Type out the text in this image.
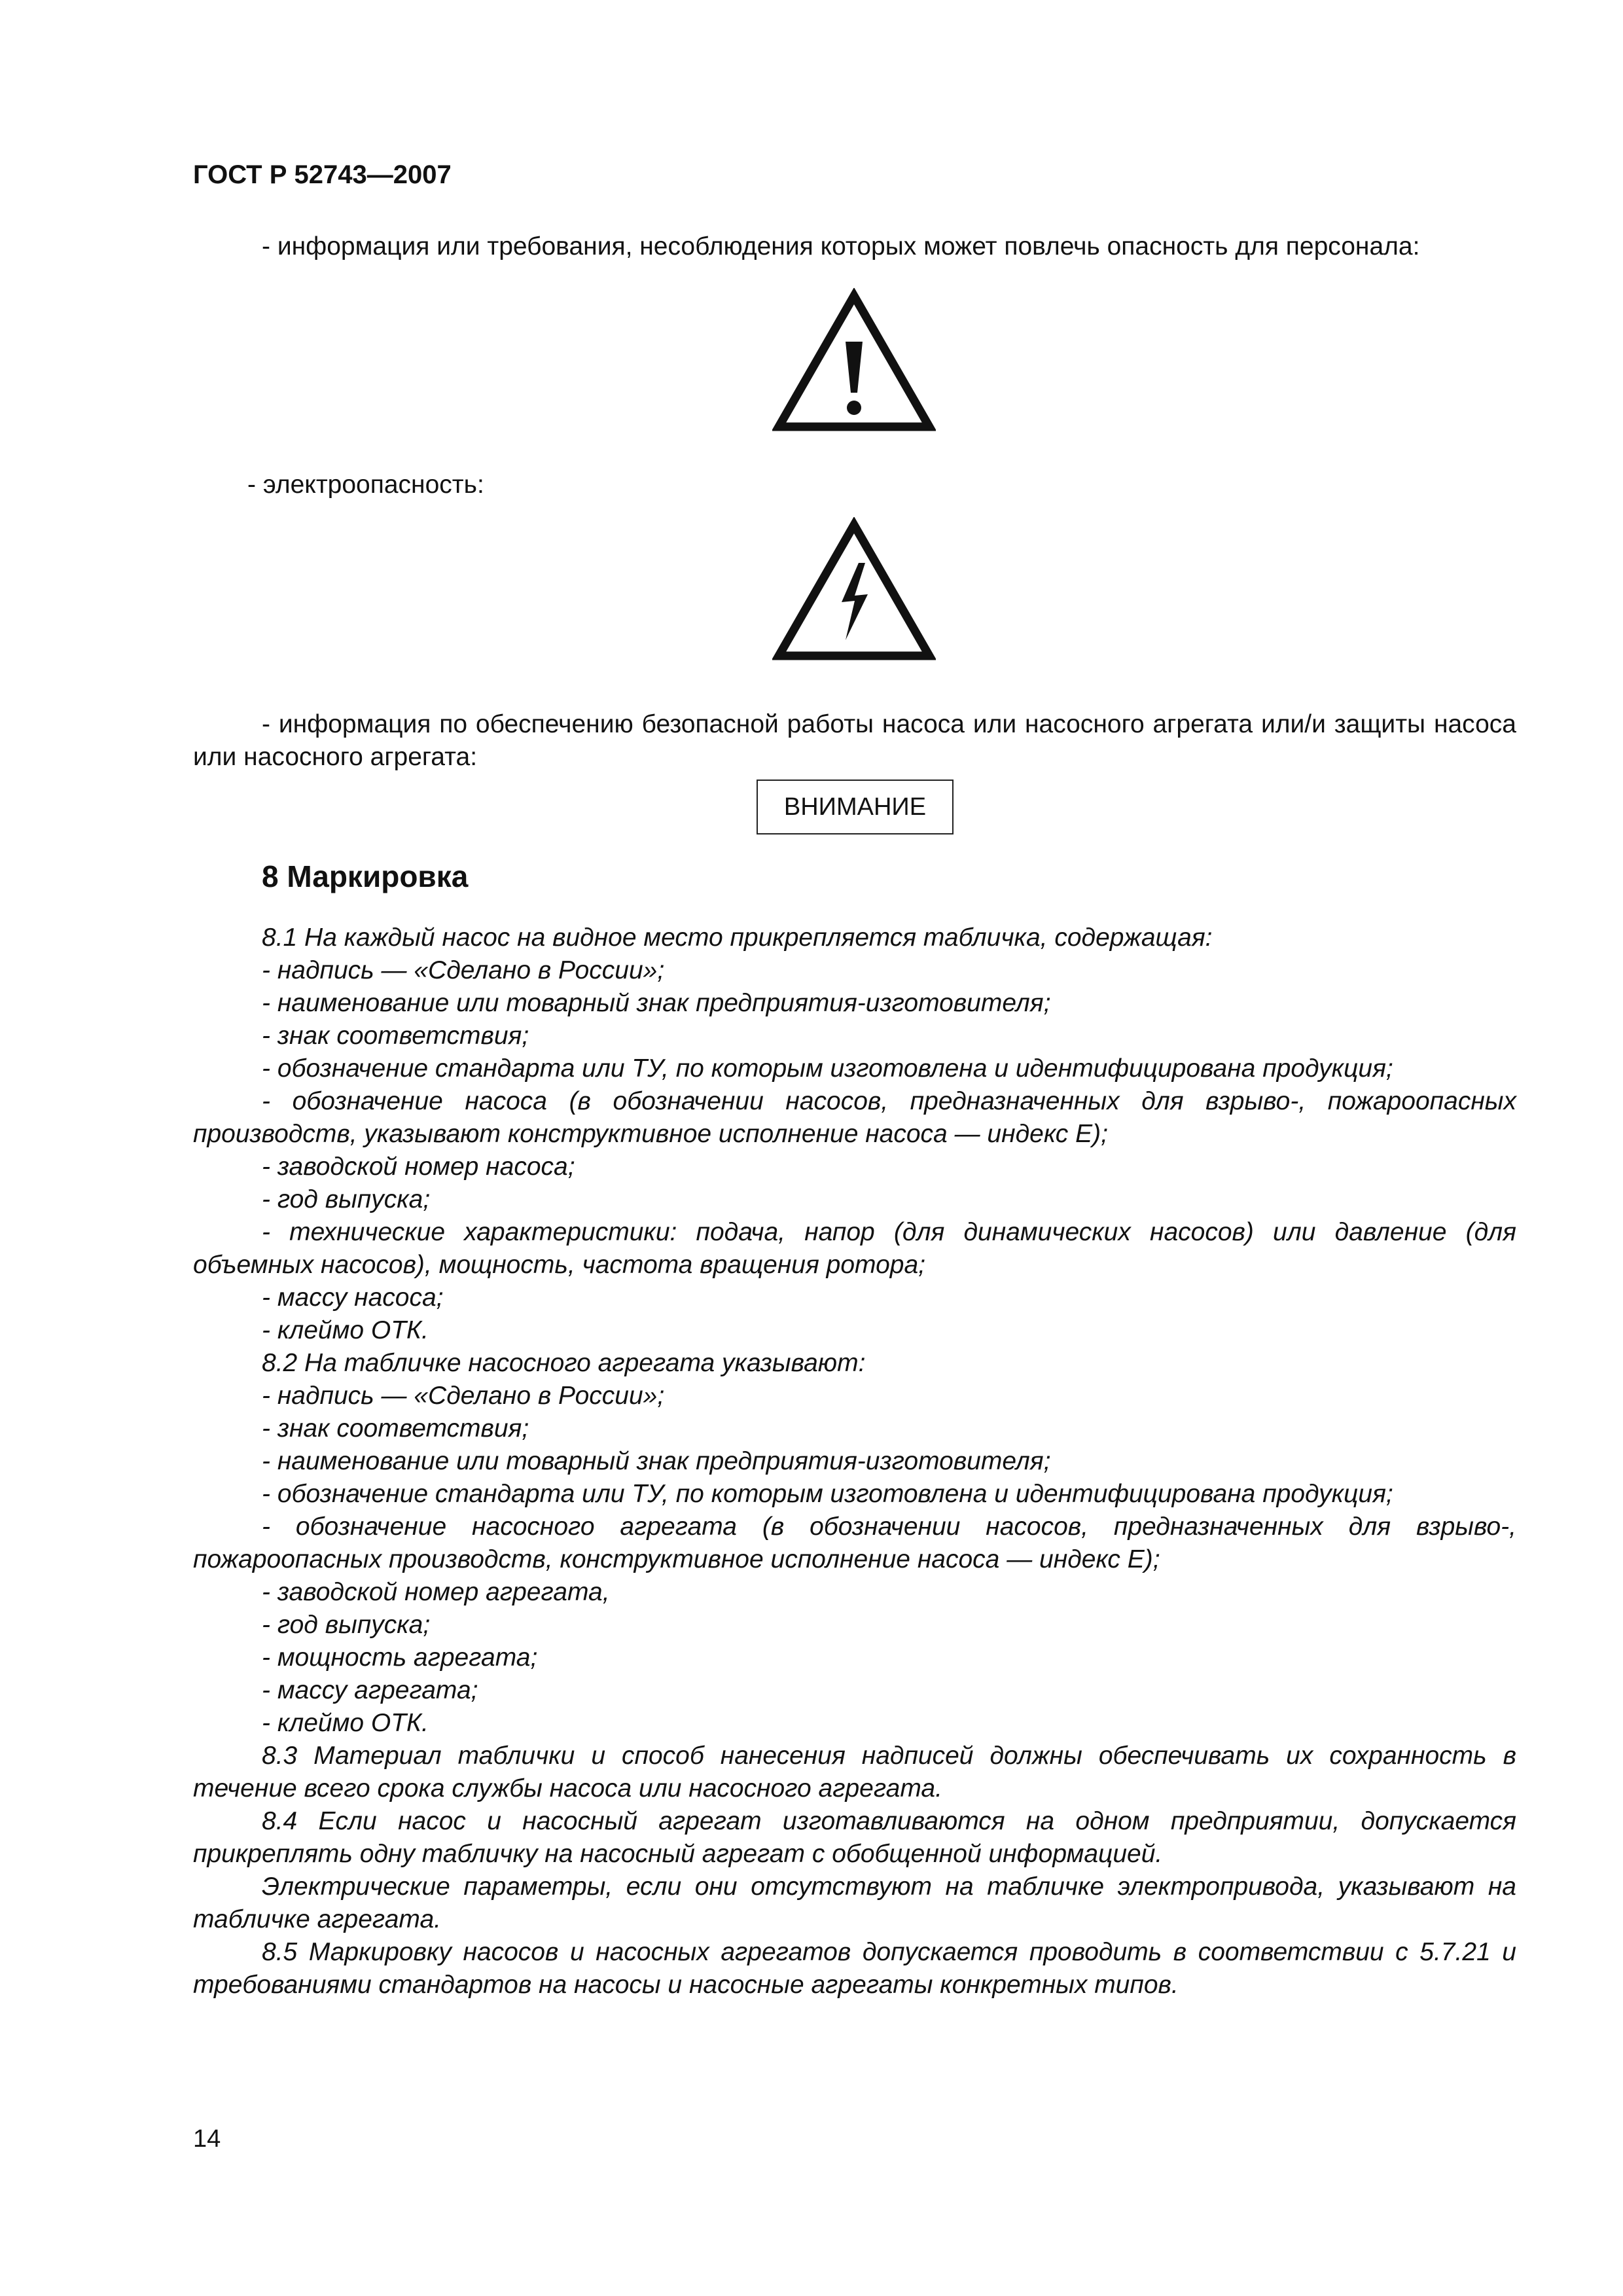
ГОСТ Р 52743—2007
- информация или требования, несоблюдения которых может повлечь опасность для персонала:
- электроопасность:
- информация по обеспечению безопасной работы насоса или насосного агрегата или/и защиты насоса или насосного агрегата:
ВНИМАНИЕ
8 Маркировка

8.1 На каждый насос на видное место прикрепляется табличка, содержащая:

- надпись — «Сделано в России»;

- наименование или товарный знак предприятия-изготовителя;

- знак соответствия;

- обозначение стандарта или ТУ, по которым изготовлена и идентифицирована продукция;

- обозначение насоса (в обозначении насосов, предназначенных для взрыво-, пожароопасных производств, указывают конструктивное исполнение насоса — индекс Е);

- заводской номер насоса;

- год выпуска;

- технические характеристики: подача, напор (для динамических насосов) или давление (для объемных насосов), мощность, частота вращения ротора;

- массу насоса;

- клеймо ОТК.

8.2 На табличке насосного агрегата указывают:

- надпись — «Сделано в России»;

- знак соответствия;

- наименование или товарный знак предприятия-изготовителя;

- обозначение стандарта или ТУ, по которым изготовлена и идентифицирована продукция;

- обозначение насосного агрегата (в обозначении насосов, предназначенных для взрыво-, пожароопасных производств, конструктивное исполнение насоса — индекс Е);

- заводской номер агрегата,

- год выпуска;

- мощность агрегата;

- массу агрегата;

- клеймо ОТК.

8.3 Материал таблички и способ нанесения надписей должны обеспечивать их сохранность в течение всего срока службы насоса или насосного агрегата.

8.4 Если насос и насосный агрегат изготавливаются на одном предприятии, допускается прикреплять одну табличку на насосный агрегат с обобщенной информацией.

Электрические параметры, если они отсутствуют на табличке электропривода, указывают на табличке агрегата.

8.5 Маркировку насосов и насосных агрегатов допускается проводить в соответствии с 5.7.21 и требованиями стандартов на насосы и насосные агрегаты конкретных типов.

14
